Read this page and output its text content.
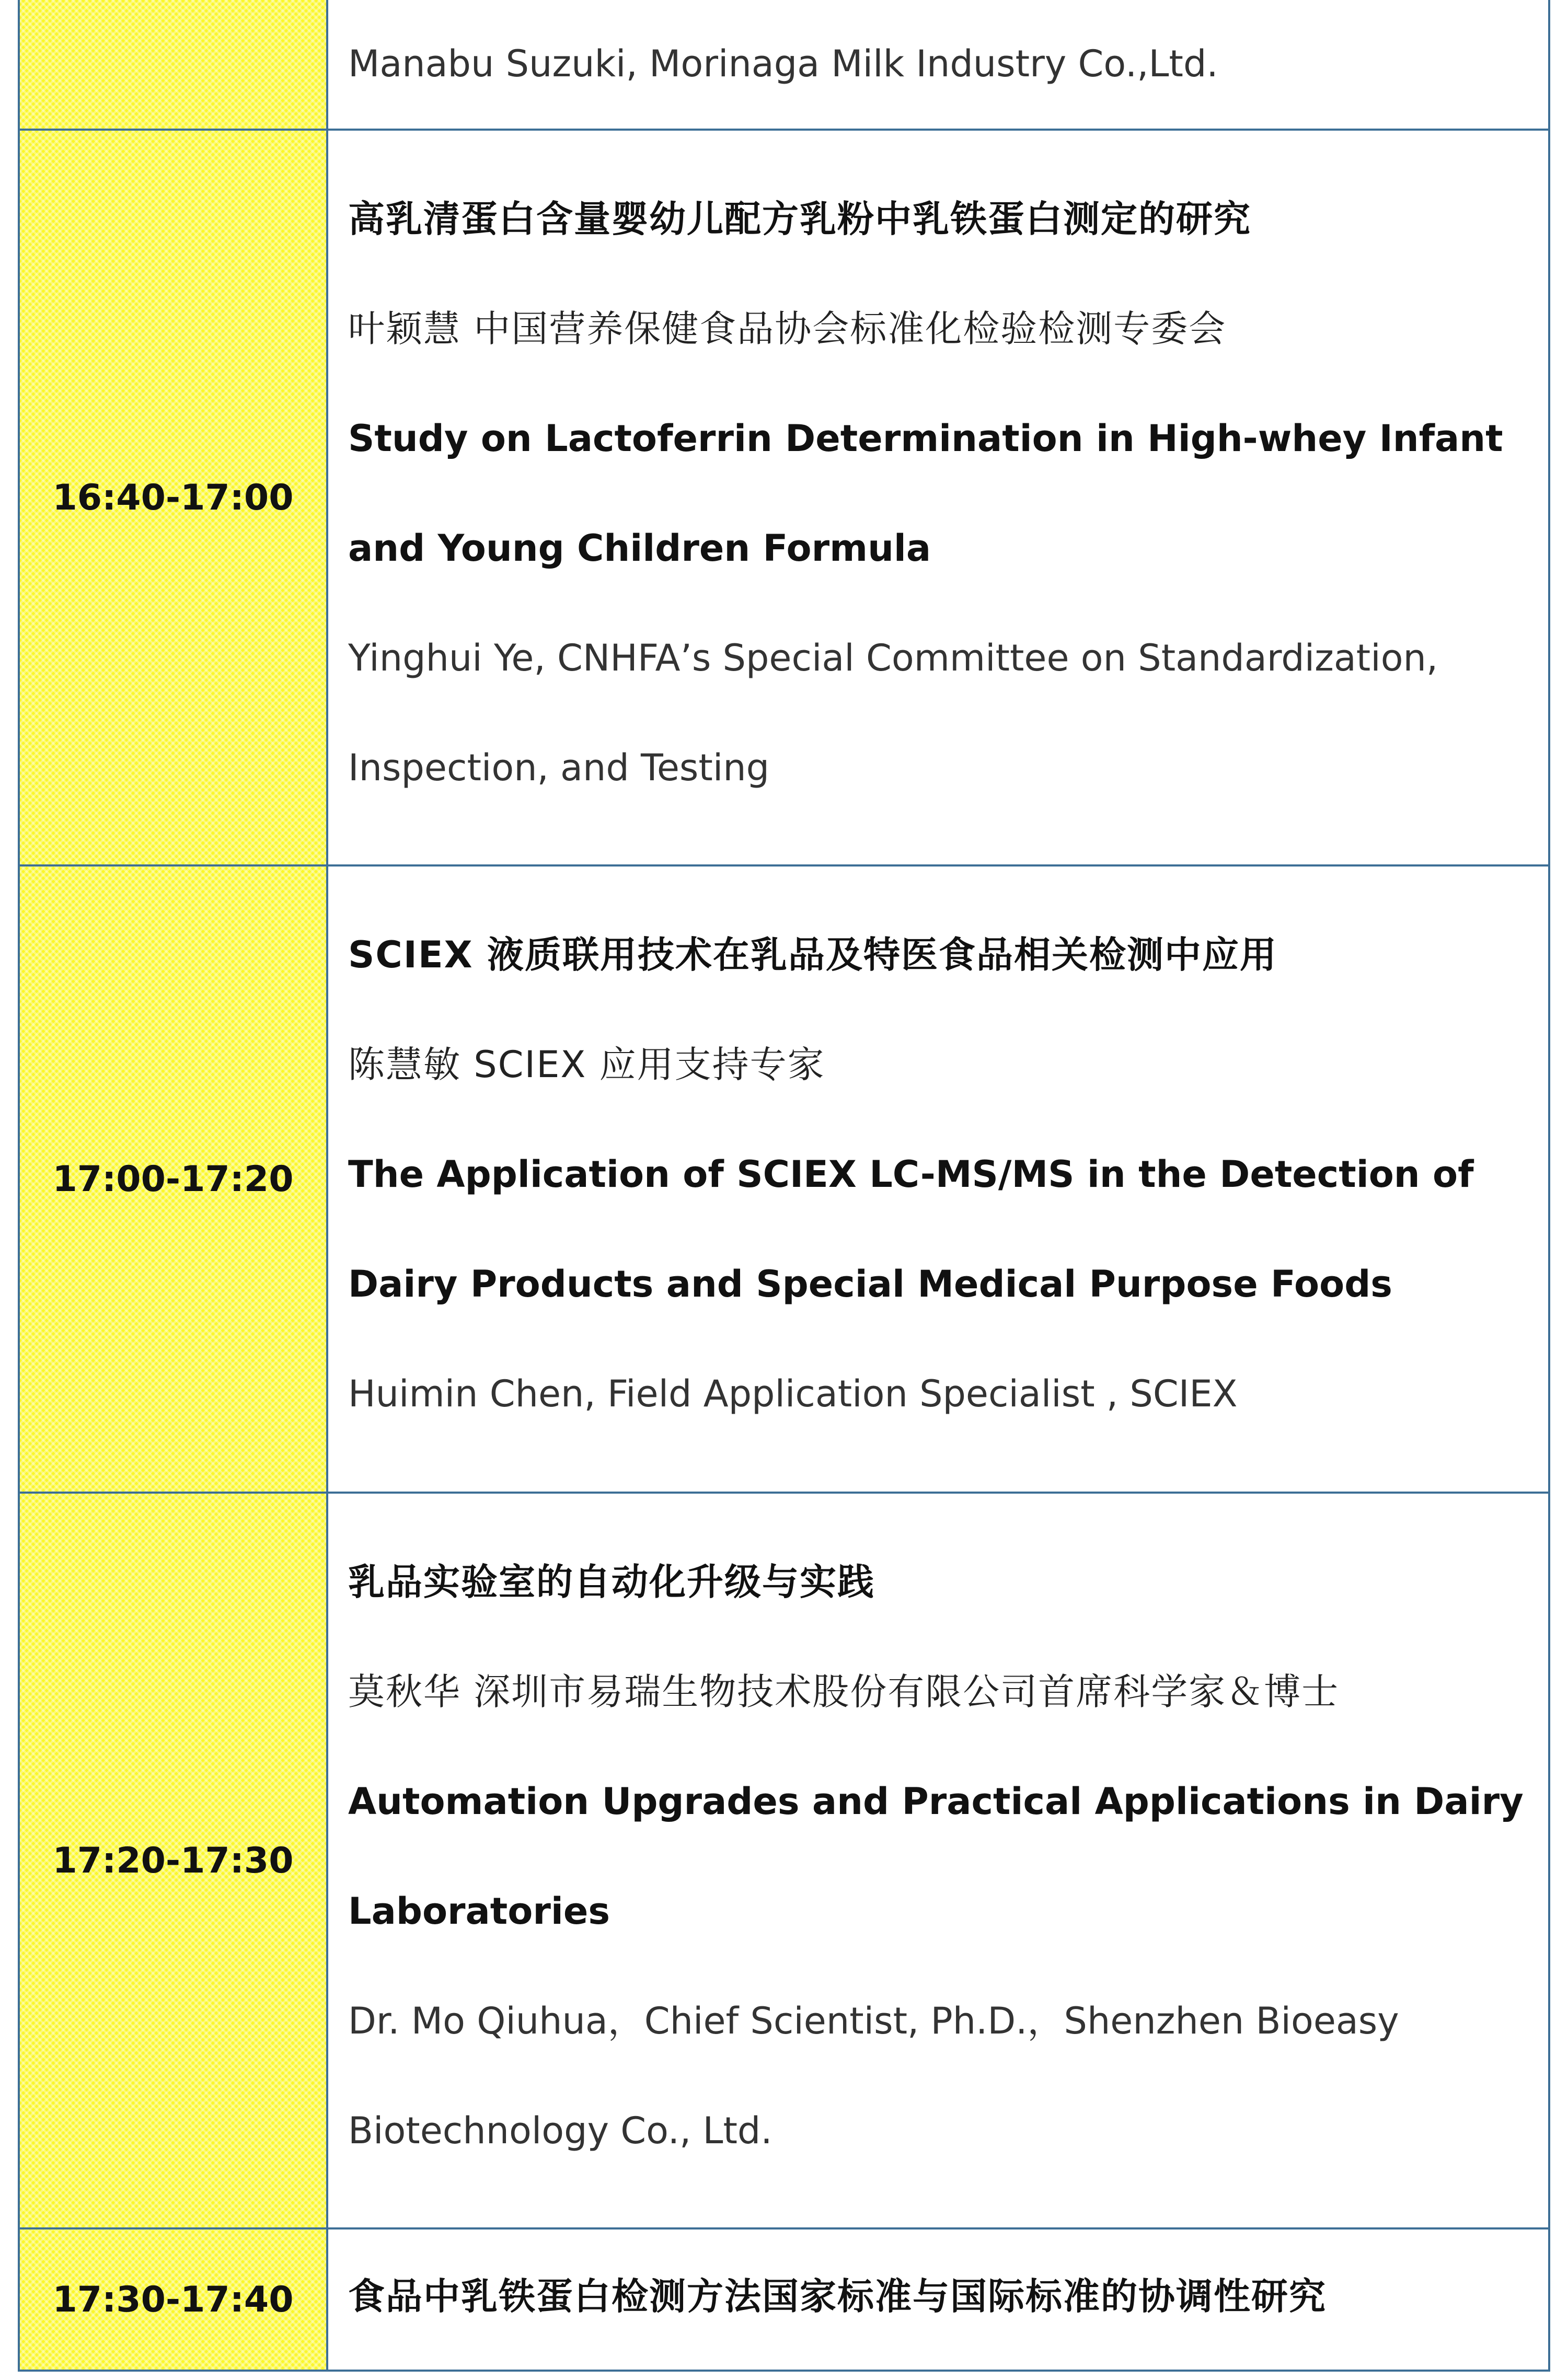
	Manabu Suzuki, Morinaga Milk Industry Co.,Ltd.

16:40-17:00	高乳清蛋白含量婴幼儿配方乳粉中乳铁蛋白测定的研究

叶颖慧 中国营养保健食品协会标准化检验检测专委会

Study on Lactoferrin Determination in High-whey Infant and Young Children Formula

Yinghui Ye, CNHFA’s Special Committee on Standardization, Inspection, and Testing

17:00-17:20	SCIEX 液质联用技术在乳品及特医食品相关检测中应用

陈慧敏 SCIEX 应用支持专家

The Application of SCIEX LC-MS/MS in the Detection of Dairy Products and Special Medical Purpose Foods

Huimin Chen, Field Application Specialist , SCIEX

17:20-17:30	乳品实验室的自动化升级与实践

莫秋华 深圳市易瑞生物技术股份有限公司首席科学家＆博士

Automation Upgrades and Practical Applications in Dairy Laboratories

Dr. Mo Qiuhua，Chief Scientist, Ph.D.，Shenzhen Bioeasy Biotechnology Co., Ltd.

17:30-17:40	食品中乳铁蛋白检测方法国家标准与国际标准的协调性研究
